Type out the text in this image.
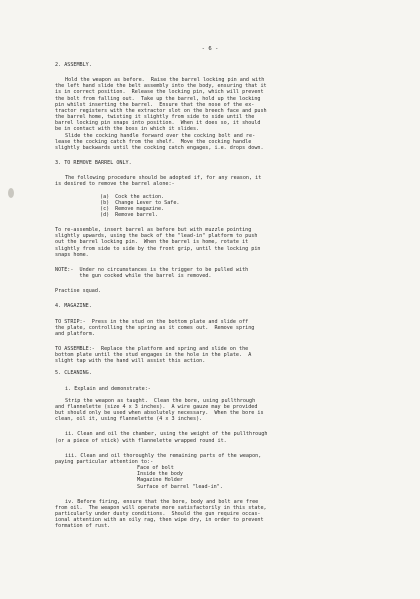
- 6 -
2. ASSEMBLY.
Hold the weapon as before.  Raise the barrel locking pin and with
the left hand slide the belt assembly into the body, ensuring that it
is in correct position.  Release the locking pin, which will prevent
the bolt from falling out.  Take up the barrel, hold up the locking
pin whilst inserting the barrel.  Ensure that the nose of the ex-
tractor registers with the extractor slot on the breech face and push
the barrel home, twisting it slightly from side to side until the
barrel locking pin snaps into position.  When it does so, it should
be in contact with the boss in which it slides.
Slide the cocking handle forward over the cocking bolt and re-
lease the cocking catch from the shelf.  Move the cocking handle
slightly backwards until the cocking catch engages, i.e. drops down.
3. TO REMOVE BARREL ONLY.
The following procedure should be adopted if, for any reason, it
is desired to remove the barrel alone:-
(a) Cock the action.
(b) Change Lever to Safe.
(c) Remove magazine.
(d) Remove barrel.
To re-assemble, insert barrel as before but with muzzle pointing
slightly upwards, using the back of the "lead-in" platform to push
out the barrel locking pin.  When the barrel is home, rotate it
slightly from side to side by the front grip, until the locking pin
snaps home.
NOTE:-  Under no circumstances is the trigger to be pulled with
the gun cocked while the barrel is removed.
Practise squad.
4. MAGAZINE.
TO STRIP:-  Press in the stud on the bottom plate and slide off
the plate, controlling the spring as it comes out.  Remove spring
and platform.
TO ASSEMBLE:-  Replace the platform and spring and slide on the
bottom plate until the stud engages in the hole in the plate.  A
slight tap with the hand will assist this action.
5. CLEANING.
i. Explain and demonstrate:-
Strip the weapon as taught.  Clean the bore, using pullthrough
and flannelette (size 4 x 3 inches).  A wire gauze may be provided
but should only be used when absolutely necessary.  When the bore is
clean, oil it, using flannelette (4 x 3 inches).
ii. Clean and oil the chamber, using the weight of the pullthrough
(or a piece of stick) with flannelette wrapped round it.
iii. Clean and oil thoroughly the remaining parts of the weapon,
paying particular attention to:-
Face of bolt
Inside the body
Magazine Holder
Surface of barrel "lead-in".
iv. Before firing, ensure that the bore, body and bolt are free
from oil.  The weapon will operate more satisfactorily in this state,
particularly under dusty conditions.  Should the gun require occas-
ional attention with an oily rag, then wipe dry, in order to prevent
formation of rust.
